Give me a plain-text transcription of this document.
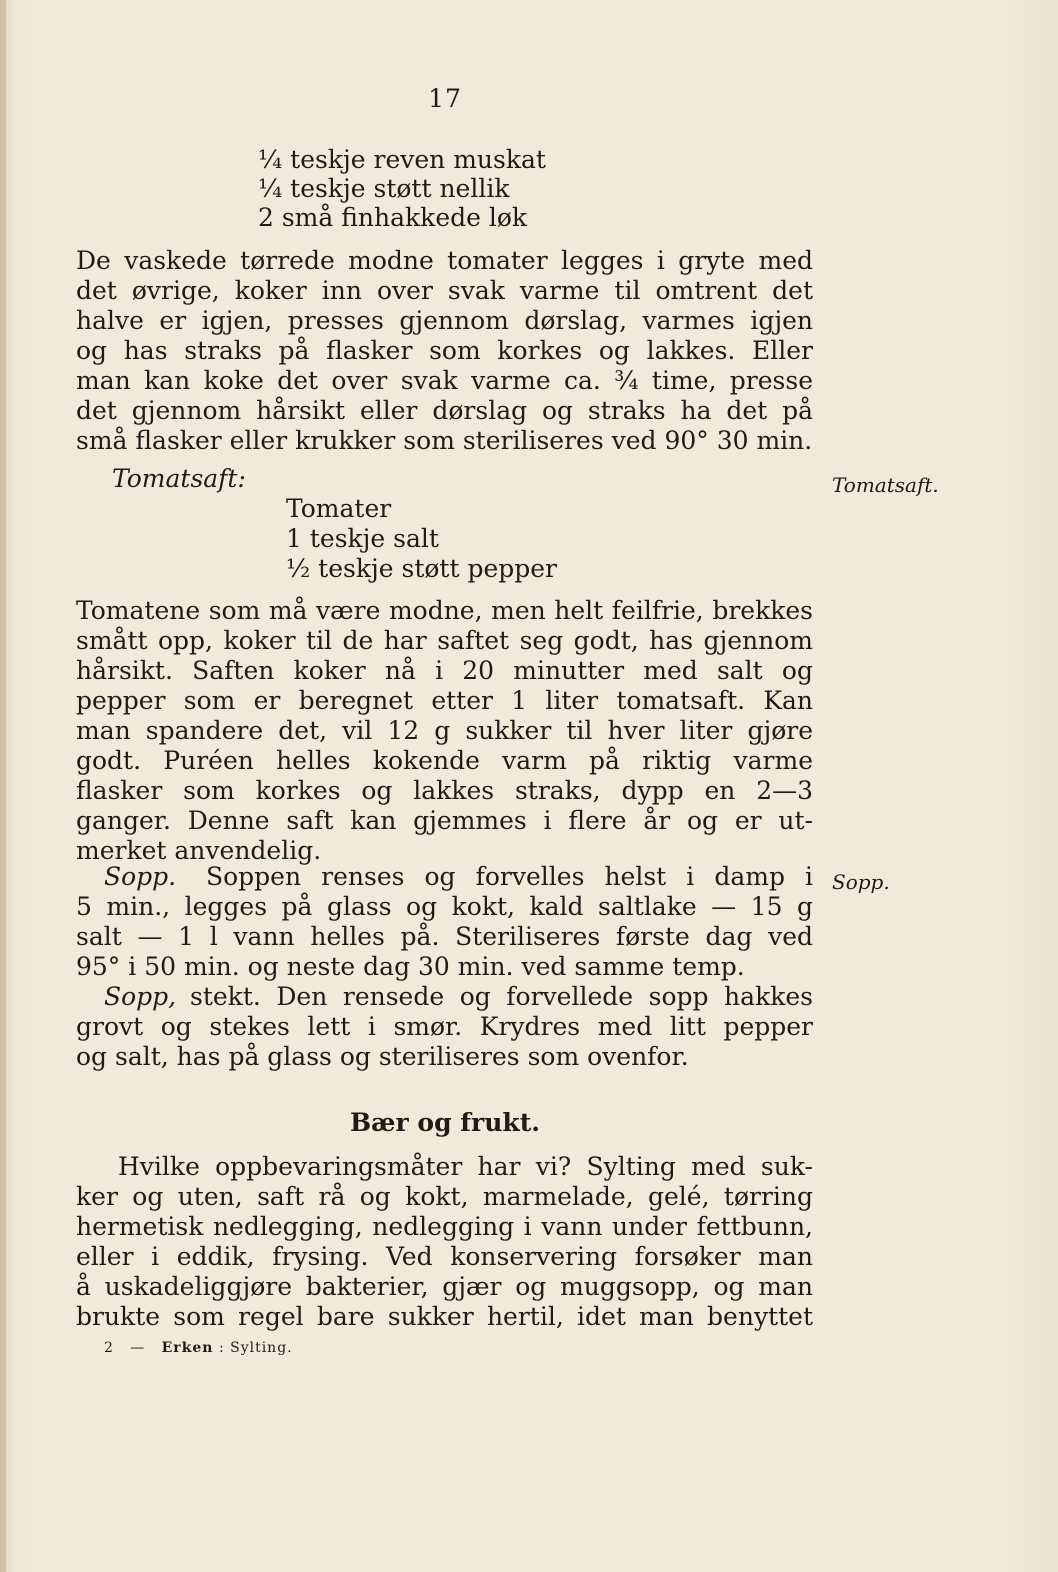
17
¼ teskje reven muskat
¼ teskje støtt nellik
2 små finhakkede løk
De vaskede tørrede modne tomater legges i gryte med
det øvrige, koker inn over svak varme til omtrent det
halve er igjen, presses gjennom dørslag, varmes igjen
og has straks på flasker som korkes og lakkes. Eller
man kan koke det over svak varme ca. ¾ time, presse
det gjennom hårsikt eller dørslag og straks ha det på
små flasker eller krukker som steriliseres ved 90° 30 min.
Tomatsaft:	Tomatsaft.
Tomater
1 teskje salt
½ teskje støtt pepper
Tomatene som må være modne, men helt feilfrie, brekkes
smått opp, koker til de har saftet seg godt, has gjennom
hårsikt. Saften koker nå i 20 minutter med salt og
pepper som er beregnet etter 1 liter tomatsaft. Kan
man spandere det, vil 12 g sukker til hver liter gjøre
godt. Puréen helles kokende varm på riktig varme
flasker som korkes og lakkes straks, dypp en 2—3
ganger. Denne saft kan gjemmes i flere år og er ut-
merket anvendelig.
Sopp.
Sopp. Soppen renses og forvelles helst i damp i
5 min., legges på glass og kokt, kald saltlake — 15 g
salt — 1 l vann helles på. Steriliseres første dag ved
95° i 50 min. og neste dag 30 min. ved samme temp.
Sopp, stekt. Den rensede og forvellede sopp hakkes
grovt og stekes lett i smør. Krydres med litt pepper
og salt, has på glass og steriliseres som ovenfor.
Bær og frukt.
Hvilke oppbevaringsmåter har vi? Sylting med suk-
ker og uten, saft rå og kokt, marmelade, gelé, tørring
hermetisk nedlegging, nedlegging i vann under fettbunn,
eller i eddik, frysing. Ved konservering forsøker man
å uskadeliggjøre bakterier, gjær og muggsopp, og man
brukte som regel bare sukker hertil, idet man benyttet
2 — Erken : Sylting.
